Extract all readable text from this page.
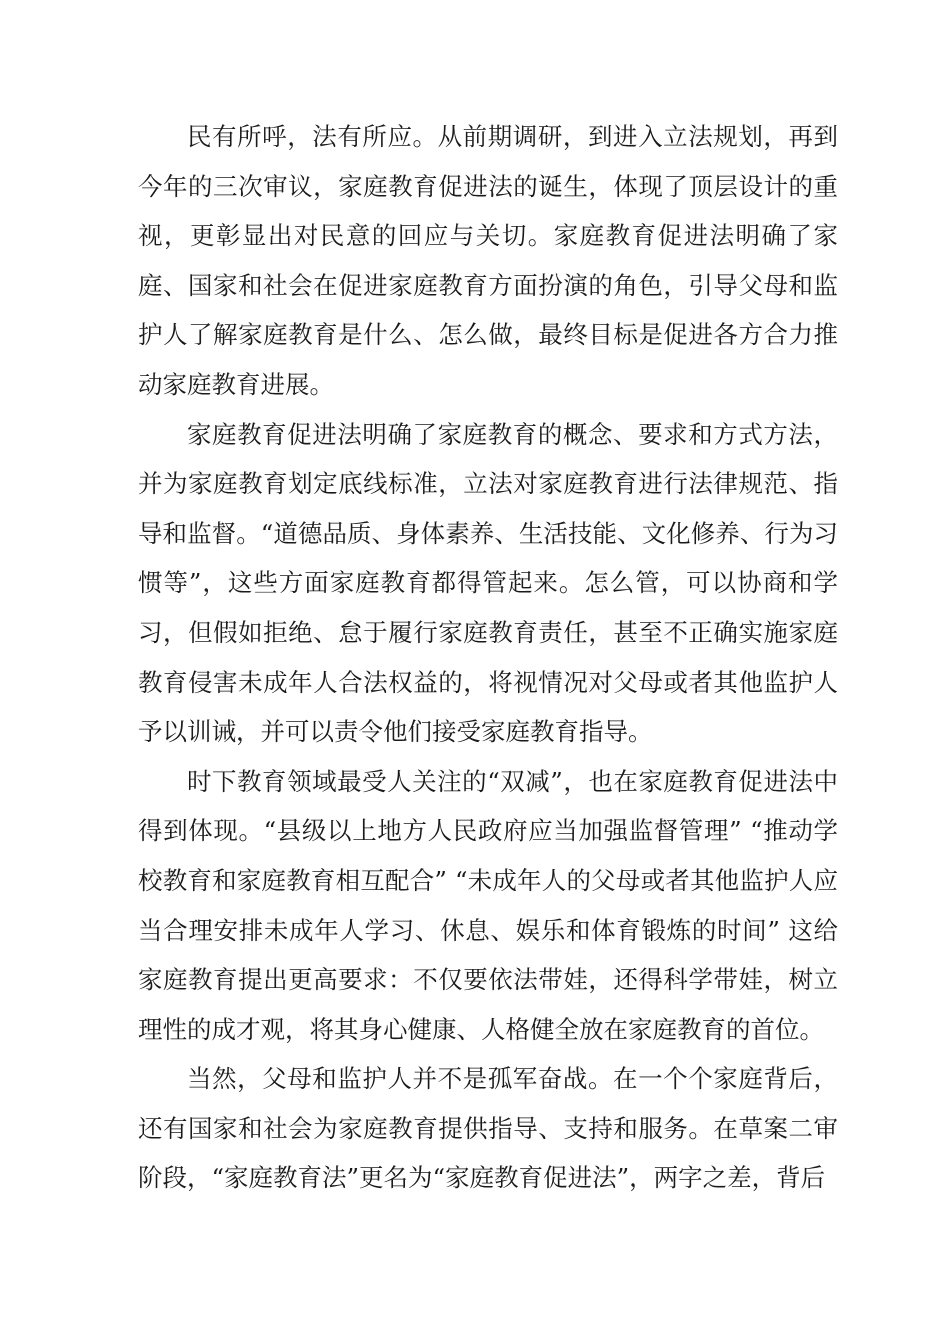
民有所呼，法有所应。从前期调研，到进入立法规划，再到今年的三次审议，家庭教育促进法的诞生，体现了顶层设计的重视，更彰显出对民意的回应与关切。家庭教育促进法明确了家庭、国家和社会在促进家庭教育方面扮演的角色，引导父母和监护人了解家庭教育是什么、怎么做，最终目标是促进各方合力推动家庭教育进展。

家庭教育促进法明确了家庭教育的概念、要求和方式方法，并为家庭教育划定底线标准，立法对家庭教育进行法律规范、指导和监督。“道德品质、身体素养、生活技能、文化修养、行为习惯等”，这些方面家庭教育都得管起来。怎么管，可以协商和学习，但假如拒绝、怠于履行家庭教育责任，甚至不正确实施家庭教育侵害未成年人合法权益的，将视情况对父母或者其他监护人予以训诫，并可以责令他们接受家庭教育指导。

时下教育领域最受人关注的“双减”，也在家庭教育促进法中得到体现。“县级以上地方人民政府应当加强监督管理” “推动学校教育和家庭教育相互配合” “未成年人的父母或者其他监护人应当合理安排未成年人学习、休息、娱乐和体育锻炼的时间” 这给家庭教育提出更高要求：不仅要依法带娃，还得科学带娃，树立理性的成才观，将其身心健康、人格健全放在家庭教育的首位。

当然，父母和监护人并不是孤军奋战。在一个个家庭背后，还有国家和社会为家庭教育提供指导、支持和服务。在草案二审阶段，“家庭教育法”更名为“家庭教育促进法”，两字之差，背后
